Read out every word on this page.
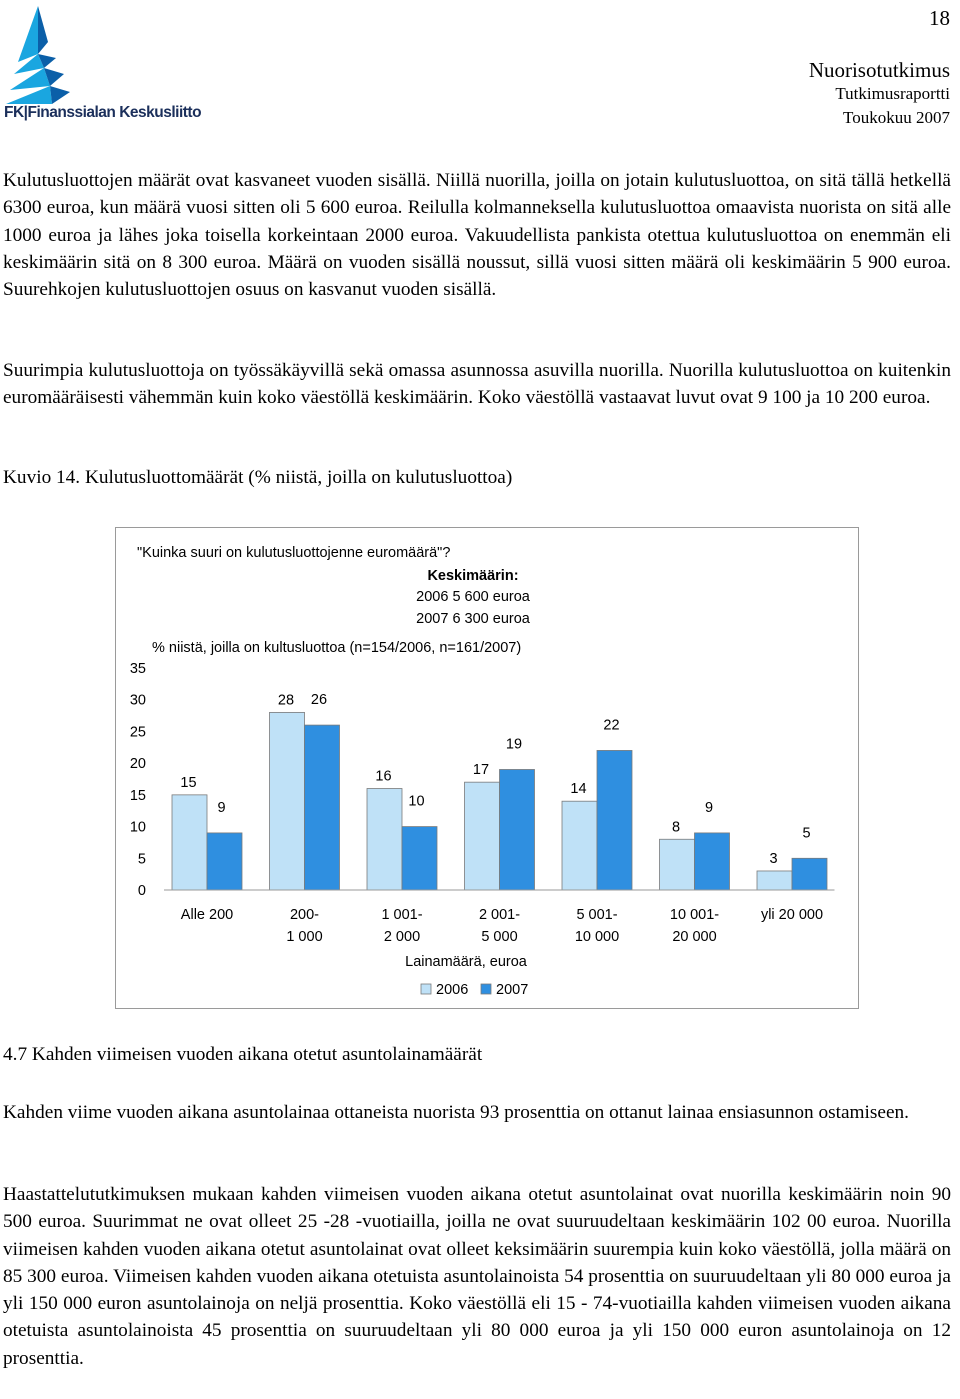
FK|Finanssialan Keskusliitto
18
Nuorisotutkimus
Tutkimusraportti
Toukokuu 2007

Kulutusluottojen määrät ovat kasvaneet vuoden sisällä. Niillä nuorilla, joilla on jotain kulutusluottoa, on sitä tällä hetkellä 6300 euroa, kun määrä vuosi sitten oli 5 600 euroa. Reilulla kolmanneksella kulutusluottoa omaavista nuorista on sitä alle 1000 euroa ja lähes joka toisella korkeintaan 2000 euroa. Vakuudellista pankista otettua kulutusluottoa on enemmän eli keskimäärin sitä on 8 300 euroa. Määrä on vuoden sisällä noussut, sillä vuosi sitten määrä oli keskimäärin 5 900 euroa. Suurehkojen kulutusluottojen osuus on kasvanut vuoden sisällä.

Suurimpia kulutusluottoja on työssäkäyvillä sekä omassa asunnossa asuvilla nuorilla. Nuorilla kulutusluottoa on kuitenkin euromääräisesti vähemmän kuin koko väestöllä keskimäärin. Koko väestöllä vastaavat luvut ovat 9 100 ja 10 200 euroa.

Kuvio 14. Kulutusluottomäärät (% niistä, joilla on kulutusluottoa)
"Kuinka suuri on kulutusluottojenne euromäärä"?
Keskimäärin:
2006 5 600 euroa
2007 6 300 euroa
% niistä, joilla on kultusluottoa (n=154/2006, n=161/2007)
0
5
10
15
20
25
30
35
15
9
28 26
16
10
17
19
14
22
8
9
3
5
Alle 200	200-
1 000
1 001-
2 000
2 001-
5 000
5 001-
10 000
10 001-
20 000
yli 20 000
Lainamäärä, euroa
2006 2007
4.7 Kahden viimeisen vuoden aikana otetut asuntolainamäärät

Kahden viime vuoden aikana asuntolainaa ottaneista nuorista 93 prosenttia on ottanut lainaa ensiasunnon ostamiseen.

Haastattelututkimuksen mukaan kahden viimeisen vuoden aikana otetut asuntolainat ovat nuorilla keskimäärin noin 90 500 euroa. Suurimmat ne ovat olleet 25 -28 -vuotiailla, joilla ne ovat suuruudeltaan keskimäärin 102 00 euroa. Nuorilla viimeisen kahden vuoden aikana otetut asuntolainat ovat olleet keksimäärin suurempia kuin koko väestöllä, jolla määrä on 85 300 euroa. Viimeisen kahden vuoden aikana otetuista asuntolainoista 54 prosenttia on suuruudeltaan yli 80 000 euroa ja yli 150 000 euron asuntolainoja on neljä prosenttia. Koko väestöllä eli 15 - 74-vuotiailla kahden viimeisen vuoden aikana otetuista asuntolainoista 45 prosenttia on suuruudeltaan yli 80 000 euroa ja yli 150 000 euron asuntolainoja on 12 prosenttia.
